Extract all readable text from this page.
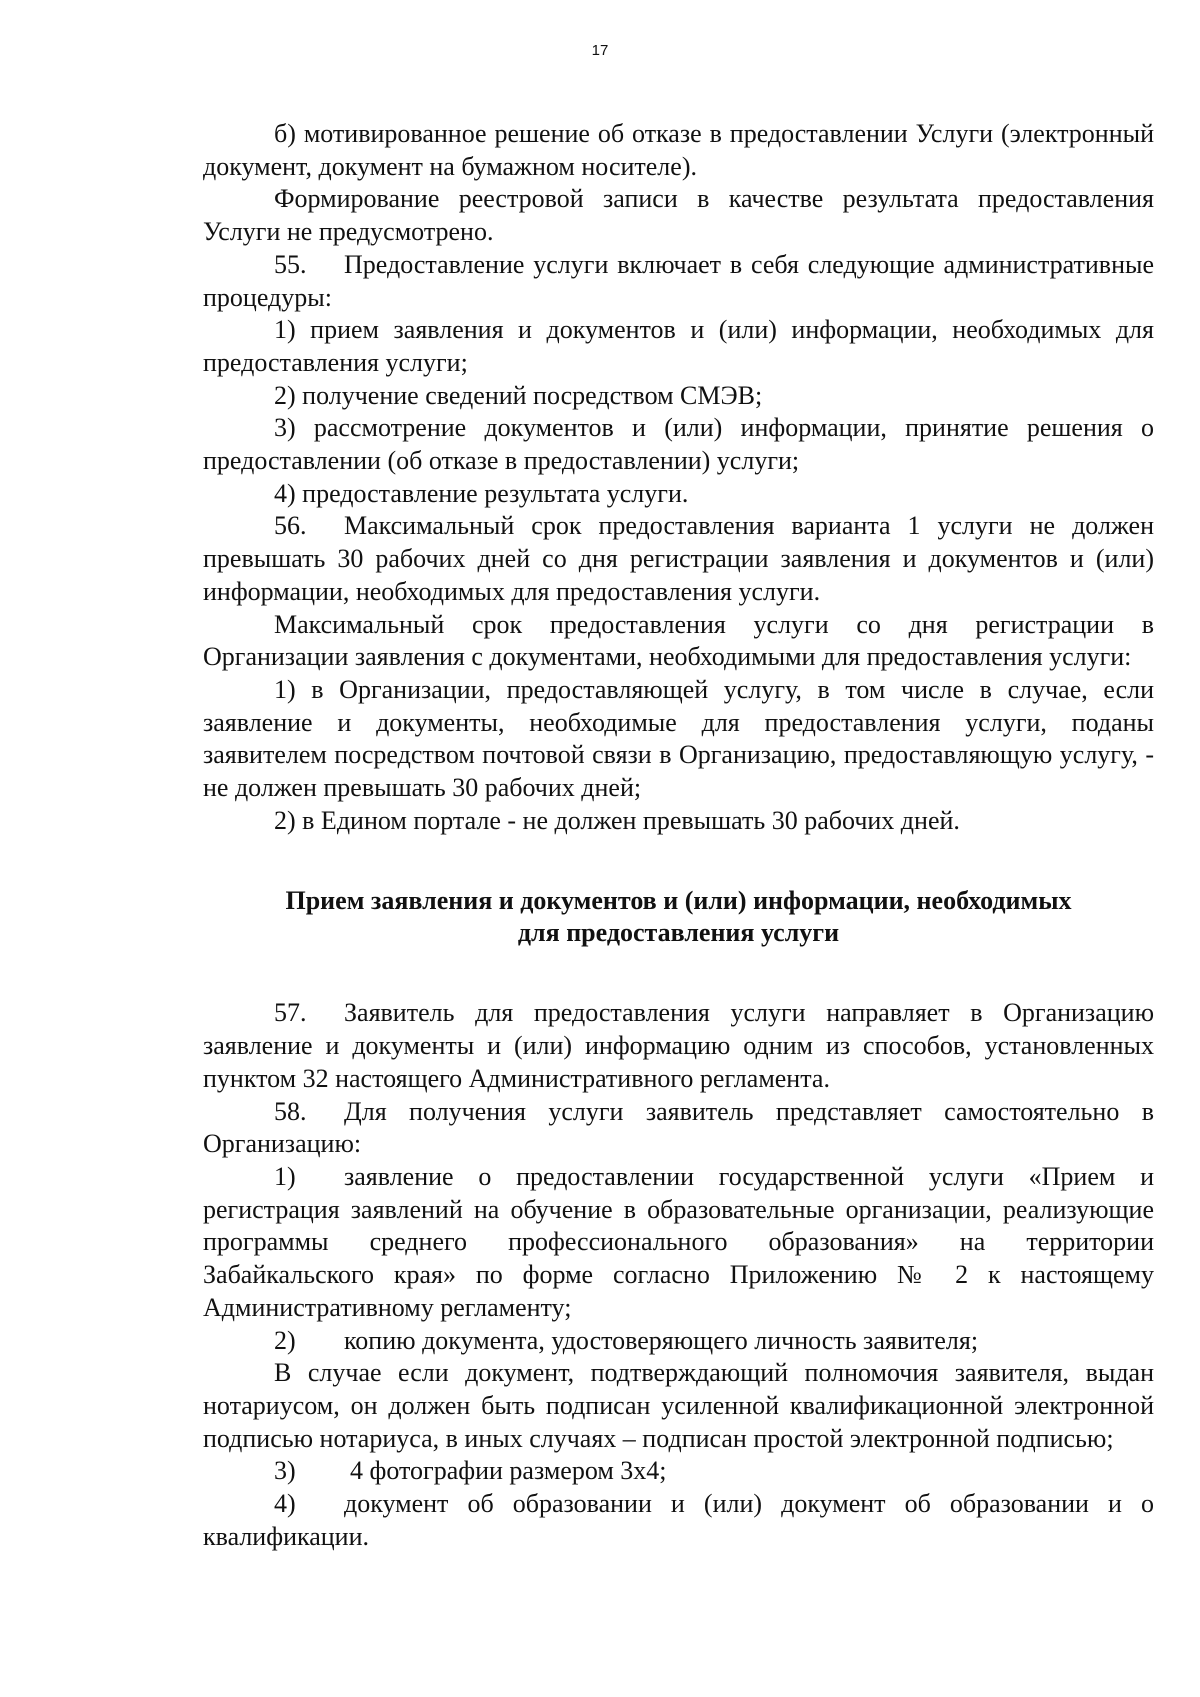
17

б) мотивированное решение об отказе в предоставлении Услуги (электронный документ, документ на бумажном носителе).

Формирование реестровой записи в качестве результата предоставления Услуги не предусмотрено.

55. Предоставление услуги включает в себя следующие административные процедуры:

1) прием заявления и документов и (или) информации, необходимых для предоставления услуги;

2) получение сведений посредством СМЭВ;

3) рассмотрение документов и (или) информации, принятие решения о предоставлении (об отказе в предоставлении) услуги;

4) предоставление результата услуги.

56. Максимальный срок предоставления варианта 1 услуги не должен превышать 30 рабочих дней со дня регистрации заявления и документов и (или) информации, необходимых для предоставления услуги.

Максимальный срок предоставления услуги со дня регистрации в Организации заявления с документами, необходимыми для предоставления услуги:

1) в Организации, предоставляющей услугу, в том числе в случае, если заявление и документы, необходимые для предоставления услуги, поданы заявителем посредством почтовой связи в Организацию, предоставляющую услугу, - не должен превышать 30 рабочих дней;

2) в Едином портале - не должен превышать 30 рабочих дней.

Прием заявления и документов и (или) информации, необходимых
для предоставления услуги

57. Заявитель для предоставления услуги направляет в Организацию заявление и документы и (или) информацию одним из способов, установленных пунктом 32 настоящего Административного регламента.

58. Для получения услуги заявитель представляет самостоятельно в Организацию:

1) заявление о предоставлении государственной услуги «Прием и регистрация заявлений на обучение в образовательные организации, реализующие программы среднего профессионального образования» на территории Забайкальского края» по форме согласно Приложению № 2 к настоящему Административному регламенту;

2) копию документа, удостоверяющего личность заявителя;

В случае если документ, подтверждающий полномочия заявителя, выдан нотариусом, он должен быть подписан усиленной квалификационной электронной подписью нотариуса, в иных случаях – подписан простой электронной подписью;

3) 4 фотографии размером 3х4;

4) документ об образовании и (или) документ об образовании и о квалификации.
